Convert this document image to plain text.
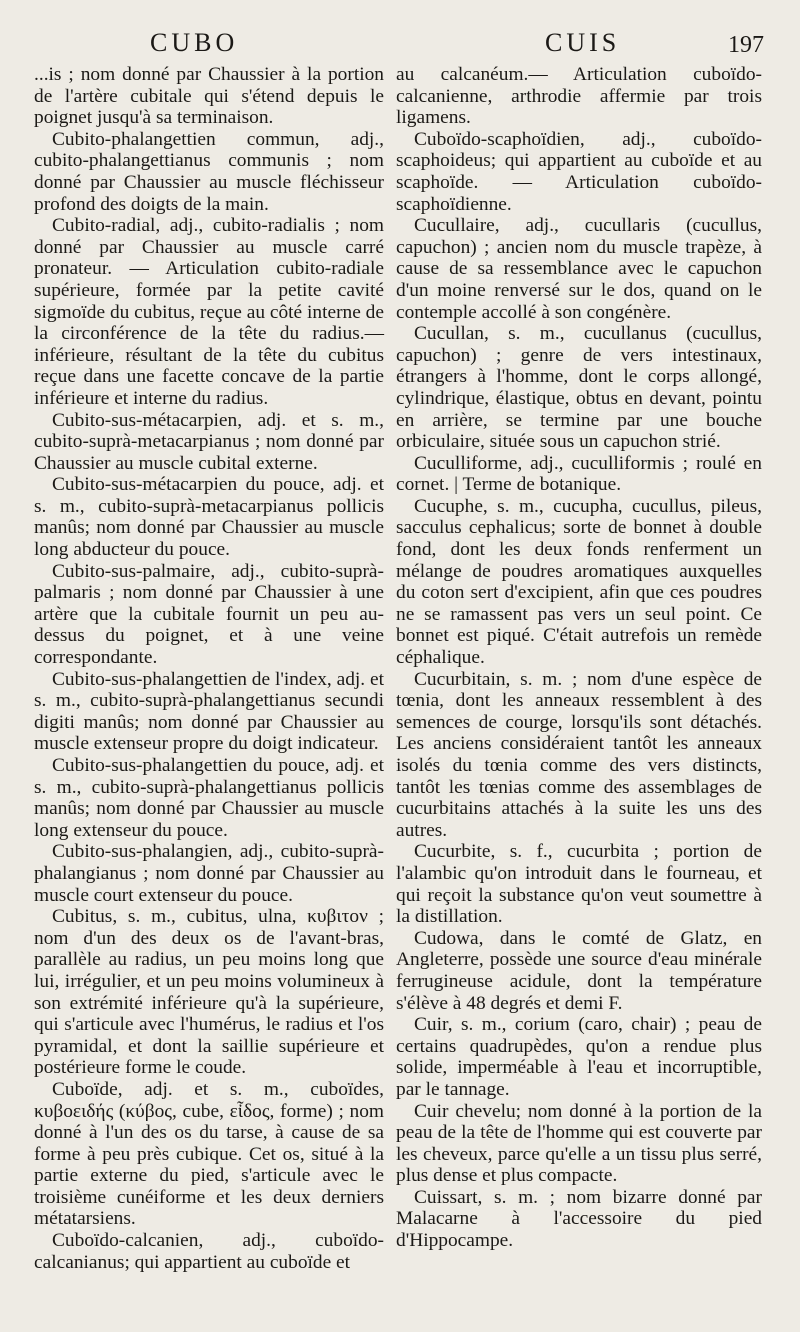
CUBO	CUIS	197

...is ; nom donné par Chaussier à la portion de l'artère cubitale qui s'étend depuis le poignet jusqu'à sa terminaison.

Cubito-phalangettien commun, adj., cubito-phalangettianus communis ; nom donné par Chaussier au muscle fléchisseur profond des doigts de la main.

Cubito-radial, adj., cubito-radialis ; nom donné par Chaussier au muscle carré pronateur. — Articulation cubito-radiale supérieure, formée par la petite cavité sigmoïde du cubitus, reçue au côté interne de la circonférence de la tête du radius.—inférieure, résultant de la tête du cubitus reçue dans une facette concave de la partie inférieure et interne du radius.

Cubito-sus-métacarpien, adj. et s. m., cubito-suprà-metacarpianus ; nom donné par Chaussier au muscle cubital externe.

Cubito-sus-métacarpien du pouce, adj. et s. m., cubito-suprà-metacarpianus pollicis manûs; nom donné par Chaussier au muscle long abducteur du pouce.

Cubito-sus-palmaire, adj., cubito-suprà-palmaris ; nom donné par Chaussier à une artère que la cubitale fournit un peu au-dessus du poignet, et à une veine correspondante.

Cubito-sus-phalangettien de l'index, adj. et s. m., cubito-suprà-phalangettianus secundi digiti manûs; nom donné par Chaussier au muscle extenseur propre du doigt indicateur.

Cubito-sus-phalangettien du pouce, adj. et s. m., cubito-suprà-phalangettianus pollicis manûs; nom donné par Chaussier au muscle long extenseur du pouce.

Cubito-sus-phalangien, adj., cubito-suprà-phalangianus ; nom donné par Chaussier au muscle court extenseur du pouce.

Cubitus, s. m., cubitus, ulna, κυβιτον ; nom d'un des deux os de l'avant-bras, parallèle au radius, un peu moins long que lui, irrégulier, et un peu moins volumineux à son extrémité inférieure qu'à la supérieure, qui s'articule avec l'humérus, le radius et l'os pyramidal, et dont la saillie supérieure et postérieure forme le coude.

Cuboïde, adj. et s. m., cuboïdes, κυβοειδής (κύβος, cube, εἶδος, forme) ; nom donné à l'un des os du tarse, à cause de sa forme à peu près cubique. Cet os, situé à la partie externe du pied, s'articule avec le troisième cunéiforme et les deux derniers métatarsiens.

Cuboïdo-calcanien, adj., cuboïdo-calcanianus; qui appartient au cuboïde et

au calcanéum.— Articulation cuboïdo-calcanienne, arthrodie affermie par trois ligamens.

Cuboïdo-scaphoïdien, adj., cuboïdo-scaphoideus; qui appartient au cuboïde et au scaphoïde. — Articulation cuboïdo-scaphoïdienne.

Cucullaire, adj., cucullaris (cucullus, capuchon) ; ancien nom du muscle trapèze, à cause de sa ressemblance avec le capuchon d'un moine renversé sur le dos, quand on le contemple accollé à son congénère.

Cucullan, s. m., cucullanus (cucullus, capuchon) ; genre de vers intestinaux, étrangers à l'homme, dont le corps allongé, cylindrique, élastique, obtus en devant, pointu en arrière, se termine par une bouche orbiculaire, située sous un capuchon strié.

Cuculliforme, adj., cuculliformis ; roulé en cornet. | Terme de botanique.

Cucuphe, s. m., cucupha, cucullus, pileus, sacculus cephalicus; sorte de bonnet à double fond, dont les deux fonds renferment un mélange de poudres aromatiques auxquelles du coton sert d'excipient, afin que ces poudres ne se ramassent pas vers un seul point. Ce bonnet est piqué. C'était autrefois un remède céphalique.

Cucurbitain, s. m. ; nom d'une espèce de tœnia, dont les anneaux ressemblent à des semences de courge, lorsqu'ils sont détachés. Les anciens considéraient tantôt les anneaux isolés du tœnia comme des vers distincts, tantôt les tœnias comme des assemblages de cucurbitains attachés à la suite les uns des autres.

Cucurbite, s. f., cucurbita ; portion de l'alambic qu'on introduit dans le fourneau, et qui reçoit la substance qu'on veut soumettre à la distillation.

Cudowa, dans le comté de Glatz, en Angleterre, possède une source d'eau minérale ferrugineuse acidule, dont la température s'élève à 48 degrés et demi F.

Cuir, s. m., corium (caro, chair) ; peau de certains quadrupèdes, qu'on a rendue plus solide, imperméable à l'eau et incorruptible, par le tannage.

Cuir chevelu; nom donné à la portion de la peau de la tête de l'homme qui est couverte par les cheveux, parce qu'elle a un tissu plus serré, plus dense et plus compacte.

Cuissart, s. m. ; nom bizarre donné par Malacarne à l'accessoire du pied d'Hippocampe.
